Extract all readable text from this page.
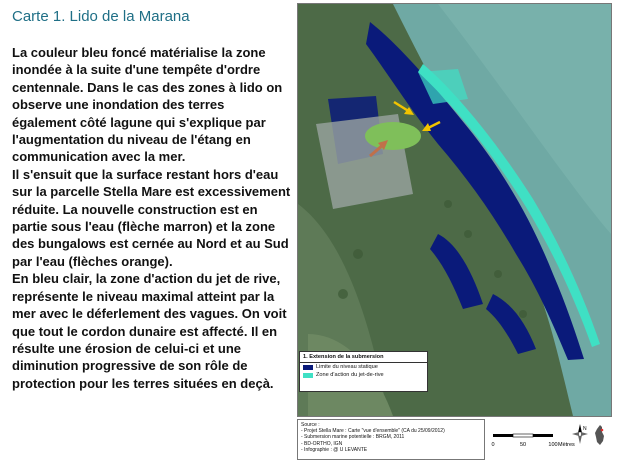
Carte 1. Lido de la Marana

La couleur bleu foncé matérialise la zone inondée à la suite d'une tempête d'ordre centennale. Dans le cas des zones à lido on observe une inondation des terres également côté lagune qui s'explique par l'augmentation du niveau de l'étang en communication avec la mer.

Il s'ensuit que la surface restant hors d'eau sur la parcelle Stella Mare est excessivement réduite. La nouvelle construction est en partie sous l'eau (flèche marron) et la zone des bungalows est cernée au Nord et au Sud par l'eau (flèches orange).

En bleu clair, la zone d'action du jet de rive, représente le niveau maximal atteint par la mer avec le déferlement des vagues. On voit que tout le cordon dunaire est affecté. Il en résulte une érosion de celui-ci et une diminution progressive de son rôle de protection pour les terres situées en deçà.

1. Extension de la submersion
Limite du niveau statique
Zone d'action du jet-de-rive
Source :
- Projet Stella Mare : Carte "vue d'ensemble" (CA du 25/09/2012)
- Submersion marine potentielle : BRGM, 2011
- BD-ORTHO, IGN
- Infographie : @ U LEVANTE
0	50	100 Mètres
N
